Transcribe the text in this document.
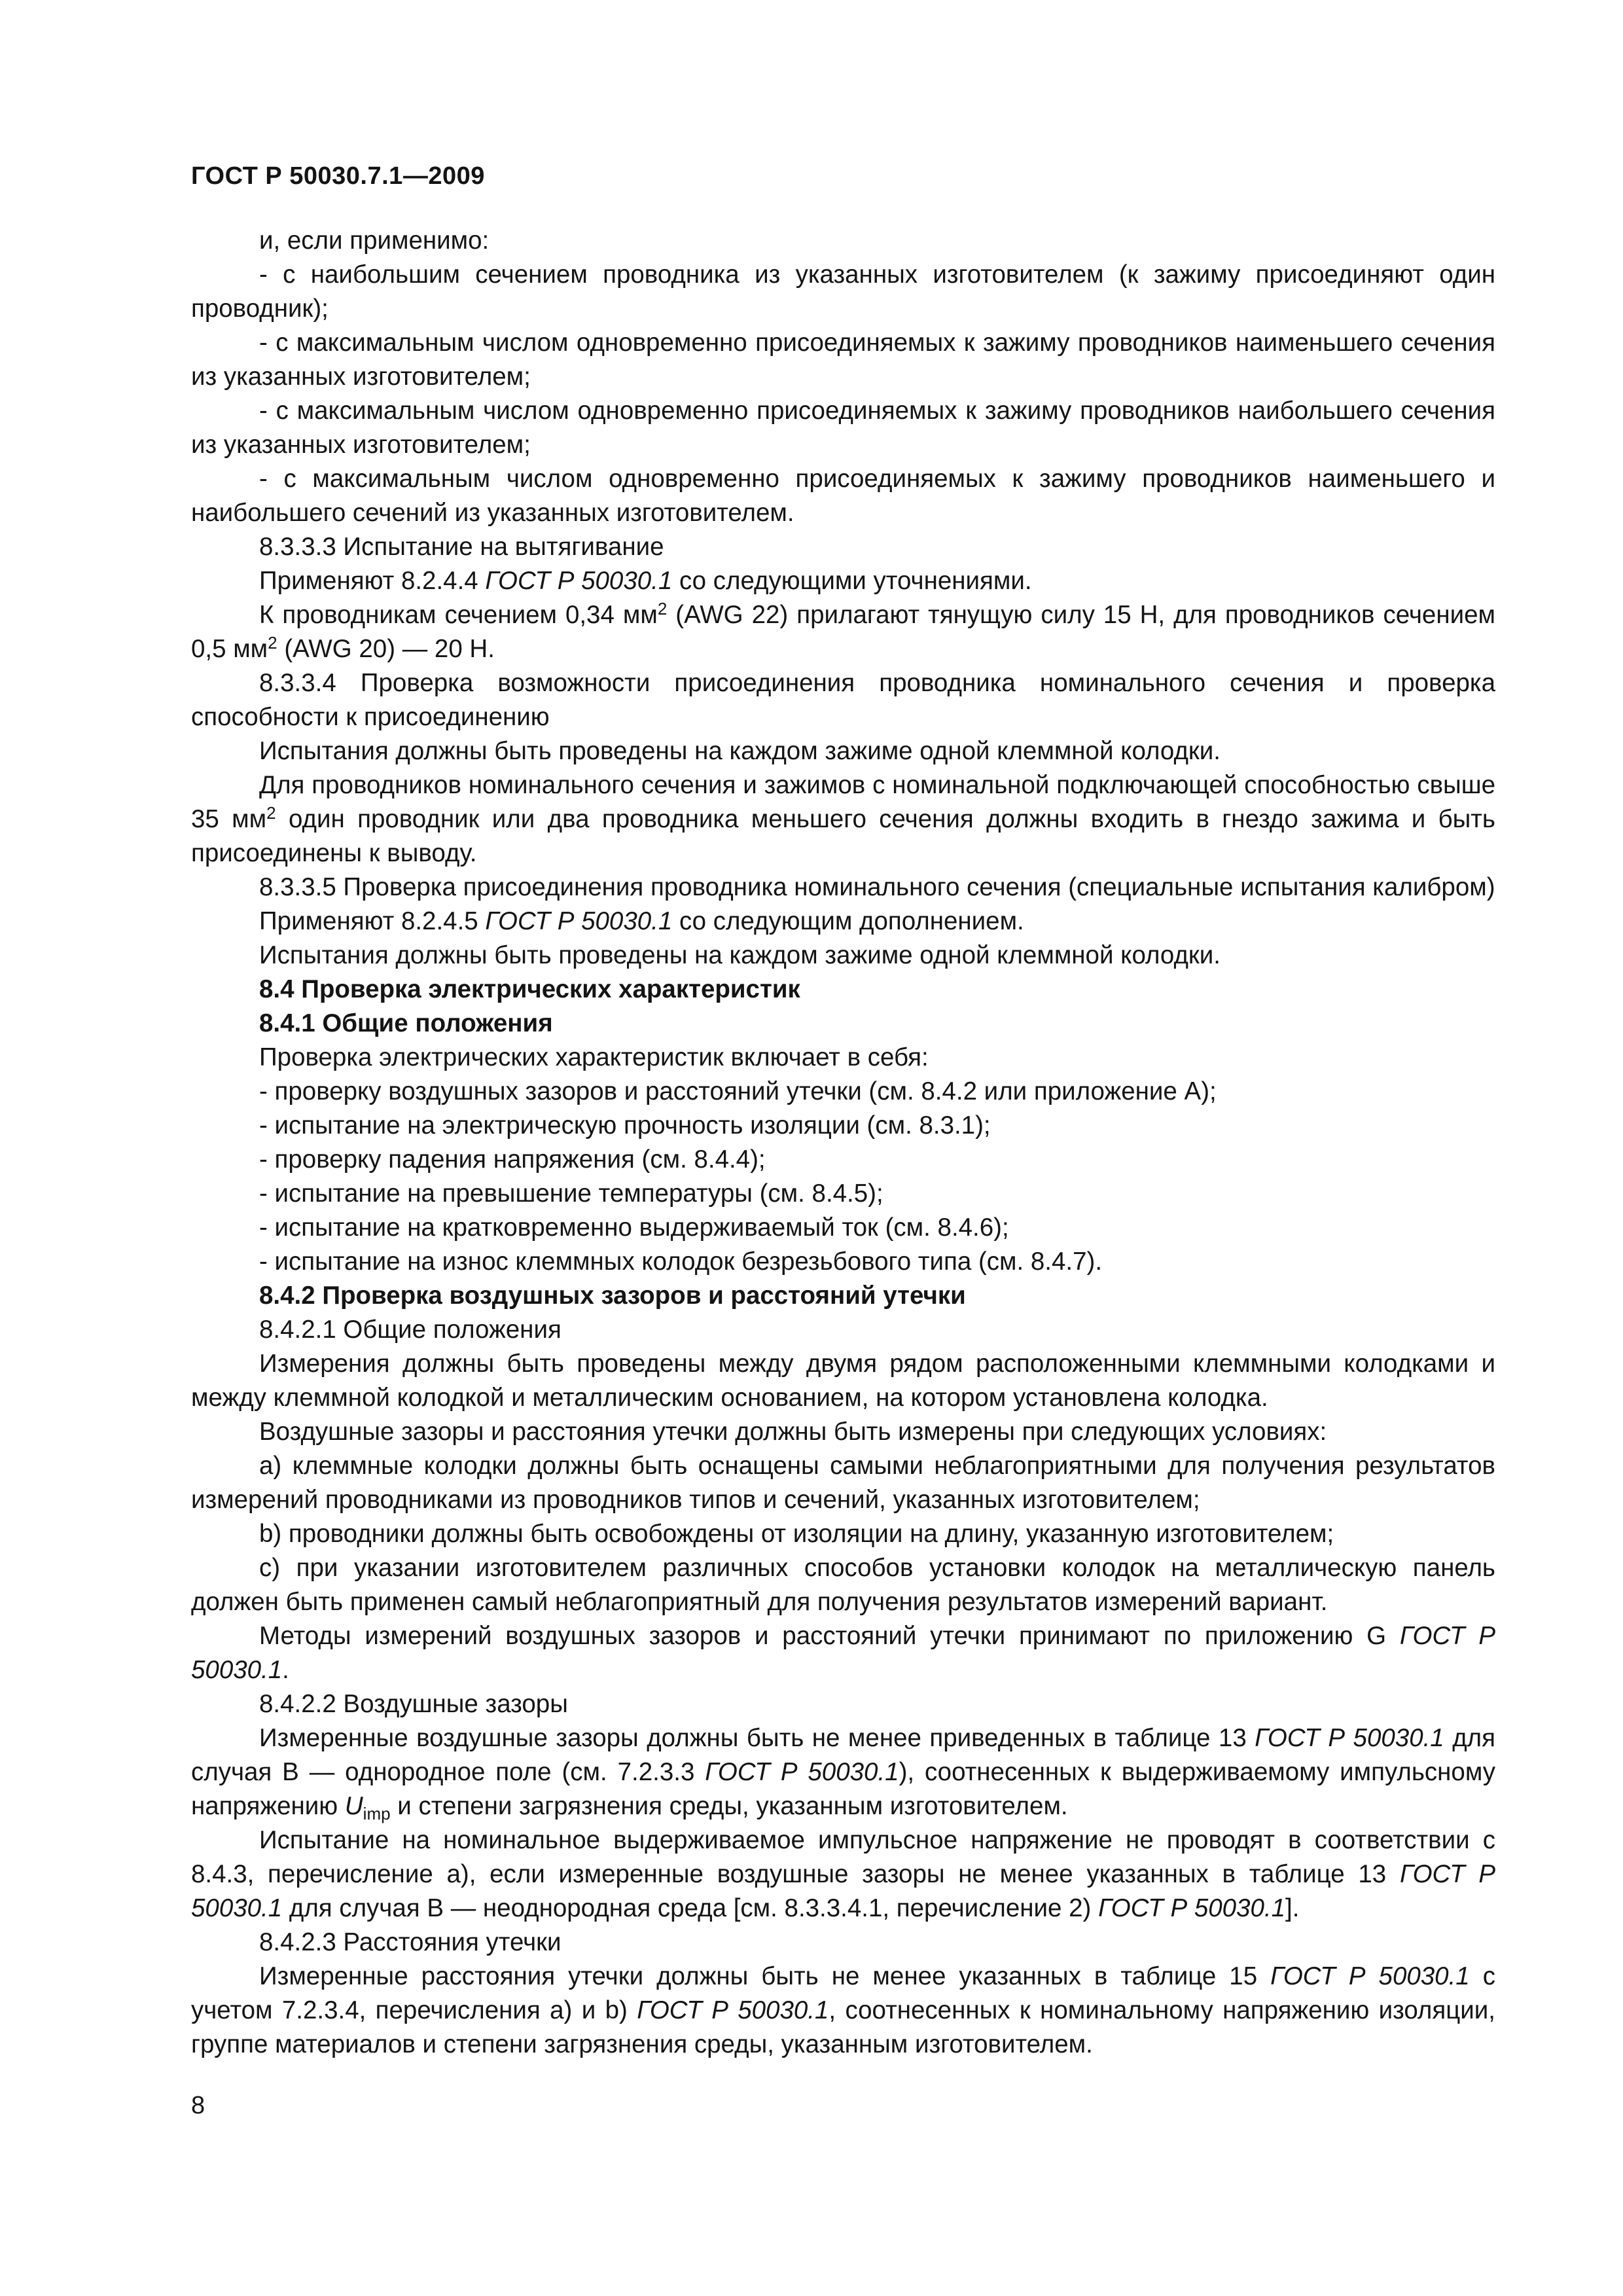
ГОСТ Р 50030.7.1—2009

и, если применимо:

- с наибольшим сечением проводника из указанных изготовителем (к зажиму присоединяют один проводник);

- с максимальным числом одновременно присоединяемых к зажиму проводников наименьшего сечения из указанных изготовителем;

- с максимальным числом одновременно присоединяемых к зажиму проводников наибольшего сечения из указанных изготовителем;

- с максимальным числом одновременно присоединяемых к зажиму проводников наименьшего и наибольшего сечений из указанных изготовителем.

8.3.3.3 Испытание на вытягивание

Применяют 8.2.4.4 ГОСТ Р 50030.1 со следующими уточнениями.

К проводникам сечением 0,34 $мм^2$ (AWG 22) прилагают тянущую силу 15 Н, для проводников сечением 0,5 $мм^2$ (AWG 20) — 20 Н.

8.3.3.4 Проверка возможности присоединения проводника номинального сечения и проверка способности к присоединению

Испытания должны быть проведены на каждом зажиме одной клеммной колодки.

Для проводников номинального сечения и зажимов с номинальной подключающей способностью свыше 35 $мм^2$ один проводник или два проводника меньшего сечения должны входить в гнездо зажима и быть присоединены к выводу.

8.3.3.5 Проверка присоединения проводника номинального сечения (специальные испытания калибром)

Применяют 8.2.4.5 ГОСТ Р 50030.1 со следующим дополнением.

Испытания должны быть проведены на каждом зажиме одной клеммной колодки.

8.4 Проверка электрических характеристик

8.4.1 Общие положения

Проверка электрических характеристик включает в себя:

- проверку воздушных зазоров и расстояний утечки (см. 8.4.2 или приложение А);

- испытание на электрическую прочность изоляции (см. 8.3.1);

- проверку падения напряжения (см. 8.4.4);

- испытание на превышение температуры (см. 8.4.5);

- испытание на кратковременно выдерживаемый ток (см. 8.4.6);

- испытание на износ клеммных колодок безрезьбового типа (см. 8.4.7).

8.4.2 Проверка воздушных зазоров и расстояний утечки

8.4.2.1 Общие положения

Измерения должны быть проведены между двумя рядом расположенными клеммными колодками и между клеммной колодкой и металлическим основанием, на котором установлена колодка.

Воздушные зазоры и расстояния утечки должны быть измерены при следующих условиях:

a) клеммные колодки должны быть оснащены самыми неблагоприятными для получения результатов измерений проводниками из проводников типов и сечений, указанных изготовителем;

b) проводники должны быть освобождены от изоляции на длину, указанную изготовителем;

c) при указании изготовителем различных способов установки колодок на металлическую панель должен быть применен самый неблагоприятный для получения результатов измерений вариант.

Методы измерений воздушных зазоров и расстояний утечки принимают по приложению G ГОСТ Р 50030.1.

8.4.2.2 Воздушные зазоры

Измеренные воздушные зазоры должны быть не менее приведенных в таблице 13 ГОСТ Р 50030.1 для случая В — однородное поле (см. 7.2.3.3 ГОСТ Р 50030.1), соотнесенных к выдерживаемому импульсному напряжению $U_{imp}$ и степени загрязнения среды, указанным изготовителем.

Испытание на номинальное выдерживаемое импульсное напряжение не проводят в соответствии с 8.4.3, перечисление а), если измеренные воздушные зазоры не менее указанных в таблице 13 ГОСТ Р 50030.1 для случая В — неоднородная среда [см. 8.3.3.4.1, перечисление 2) ГОСТ Р 50030.1].

8.4.2.3 Расстояния утечки

Измеренные расстояния утечки должны быть не менее указанных в таблице 15 ГОСТ Р 50030.1 с учетом 7.2.3.4, перечисления а) и b) ГОСТ Р 50030.1, соотнесенных к номинальному напряжению изоляции, группе материалов и степени загрязнения среды, указанным изготовителем.

8
